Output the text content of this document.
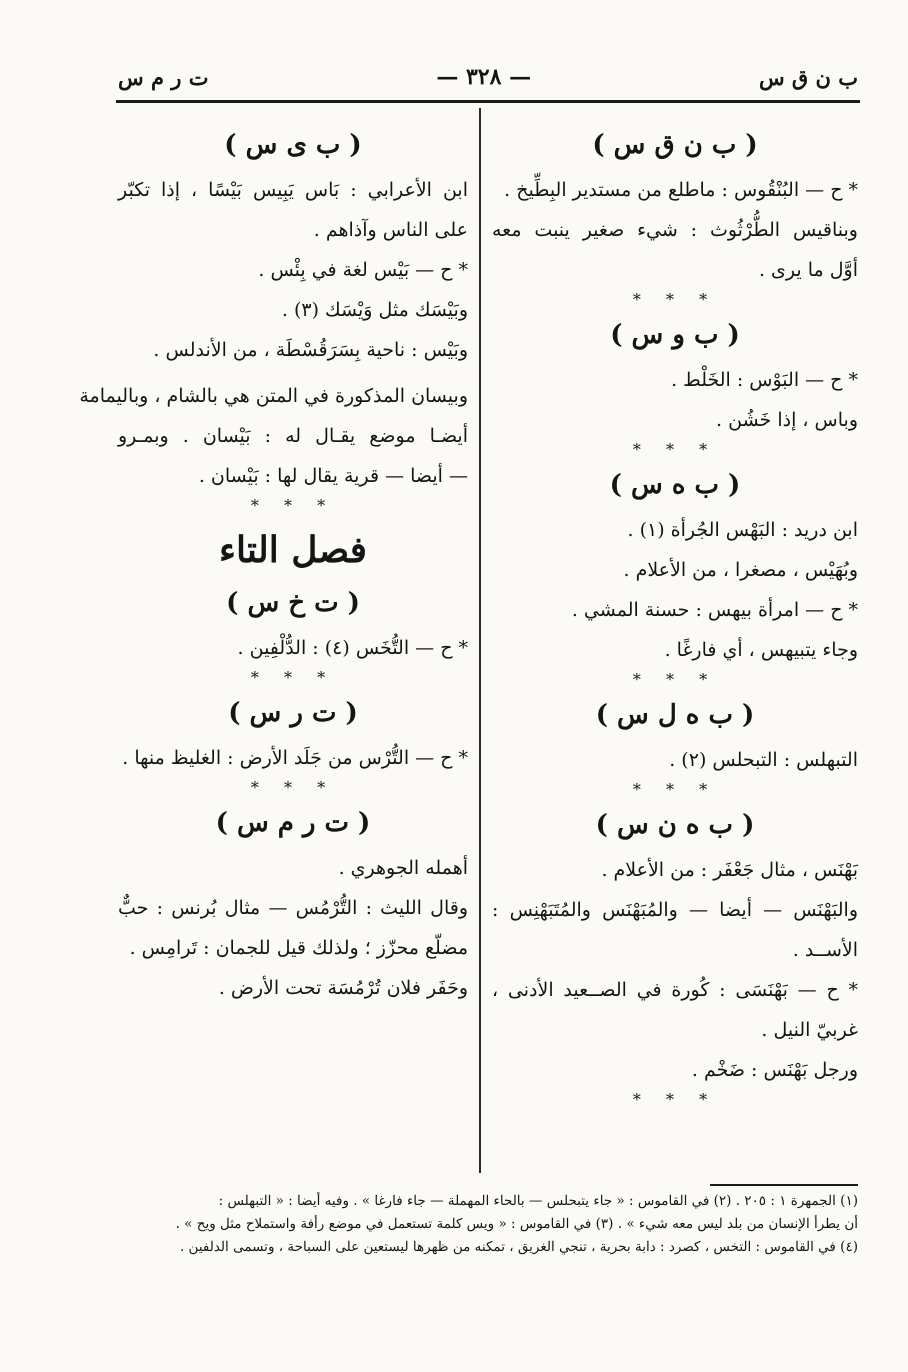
ب ن ق س
— ٣٢٨ —
ت ر م س
( ب ن ق س )
* ح — البُنْقُوس : ماطلع من مستدير البِطِّيخ .
وبناقيس الطُّرْثُوث : شيء صغير ينبت معه
أوَّل ما يرى .
* * *
( ب و س )
* ح — البَوْس : الخَلْط .
وباس ، إذا خَشُن .
* * *
( ب ه س )
ابن دريد : البَهْس الجُرأة (١) .
وبُهَيْس ، مصغرا ، من الأعلام .
* ح — امرأة بيهس : حسنة المشي .
وجاء يتبيهس ، أي فارغًا .
* * *
( ب ه ل س )
التبهلس : التبحلس (٢) .
* * *
( ب ه ن س )
بَهْنَس ، مثال جَعْفَر : من الأعلام .
والبَهْنَس — أيضا — والمُبَهْنَس والمُتَبَهْنِس :
الأســد .
* ح — بَهْنَسَى : كُورة في الصــعيد الأدنى ،
غربيّ النيل .
ورجل بَهْنَس : ضَخْم .
* * *
( ب ى س )
ابن الأعرابي : بَاس يَبِيس بَيْسًا ، إذا تكبّر
على الناس وآذاهم .
* ح — بَيْس لغة في بِئْس .
وبَيْسَك مثل وَيْسَك (٣) .
وبَيْس : ناحية بِسَرَقُسْطَة ، من الأندلس .
وبيسان المذكورة في المتن هي بالشام ، وباليمامة
أيضـا موضع يقـال له : بَيْسان . وبمـرو
— أيضا — قرية يقال لها : بَيْسان .
* * *
فصل التاء
( ت خ س )
* ح — التُّخَس (٤) : الدُّلْفِين .
* * *
( ت ر س )
* ح — التُّرْس من جَلَد الأرض : الغليظ منها .
* * *
( ت ر م س )
أهمله الجوهري .
وقال الليث : التُّرْمُس — مثال بُرنس : حبٌّ
مضلّع محزّز ؛ ولذلك قيل للجمان : تَرامِس .
وحَفَر فلان تُرْمُسَة تحت الأرض .
(١) الجمهرة ١ : ٢٠٥ . (٢) في القاموس : « جاء يتبحلس — بالحاء المهملة — جاء فارغا » . وفيه أيضا : « التبهلس :
أن يطرأ الإنسان من بلد ليس معه شيء » . (٣) في القاموس : « ويس كلمة تستعمل في موضع رأفة واستملاح مثل ويح » .
(٤) في القاموس : التخس ، كصرد : دابة بحرية ، تنجي الغريق ، تمكنه من ظهرها ليستعين على السباحة ، وتسمى الدلفين .
